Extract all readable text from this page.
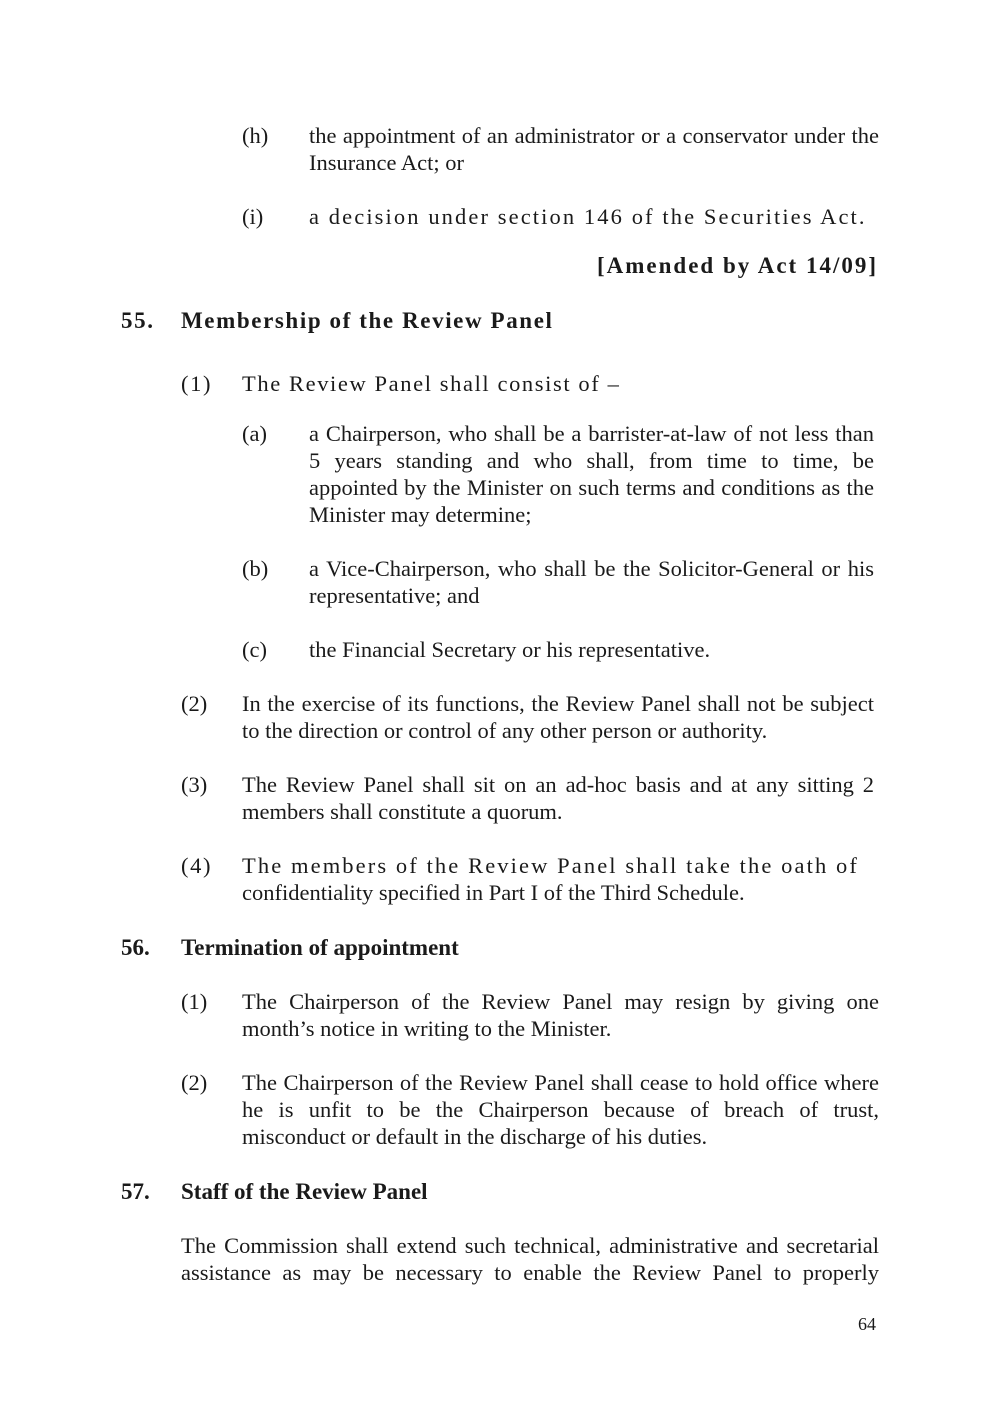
(h) the appointment of an administrator or a conservator under the Insurance Act; or
(i) a decision under section 146 of the Securities Act.
[Amended by Act 14/09]
55. Membership of the Review Panel
(1) The Review Panel shall consist of –
(a) a Chairperson, who shall be a barrister-at-law of not less than 5 years standing and who shall, from time to time, be appointed by the Minister on such terms and conditions as the Minister may determine;
(b) a Vice-Chairperson, who shall be the Solicitor-General or his representative; and
(c) the Financial Secretary or his representative.
(2) In the exercise of its functions, the Review Panel shall not be subject to the direction or control of any other person or authority.
(3) The Review Panel shall sit on an ad-hoc basis and at any sitting 2 members shall constitute a quorum.
(4) The members of the Review Panel shall take the oath of
confidentiality specified in Part I of the Third Schedule.
56. Termination of appointment
(1) The Chairperson of the Review Panel may resign by giving one month’s notice in writing to the Minister.
(2) The Chairperson of the Review Panel shall cease to hold office where he is unfit to be the Chairperson because of breach of trust, misconduct or default in the discharge of his duties.
57. Staff of the Review Panel
The Commission shall extend such technical, administrative and secretarial assistance as may be necessary to enable the Review Panel to properly
64
